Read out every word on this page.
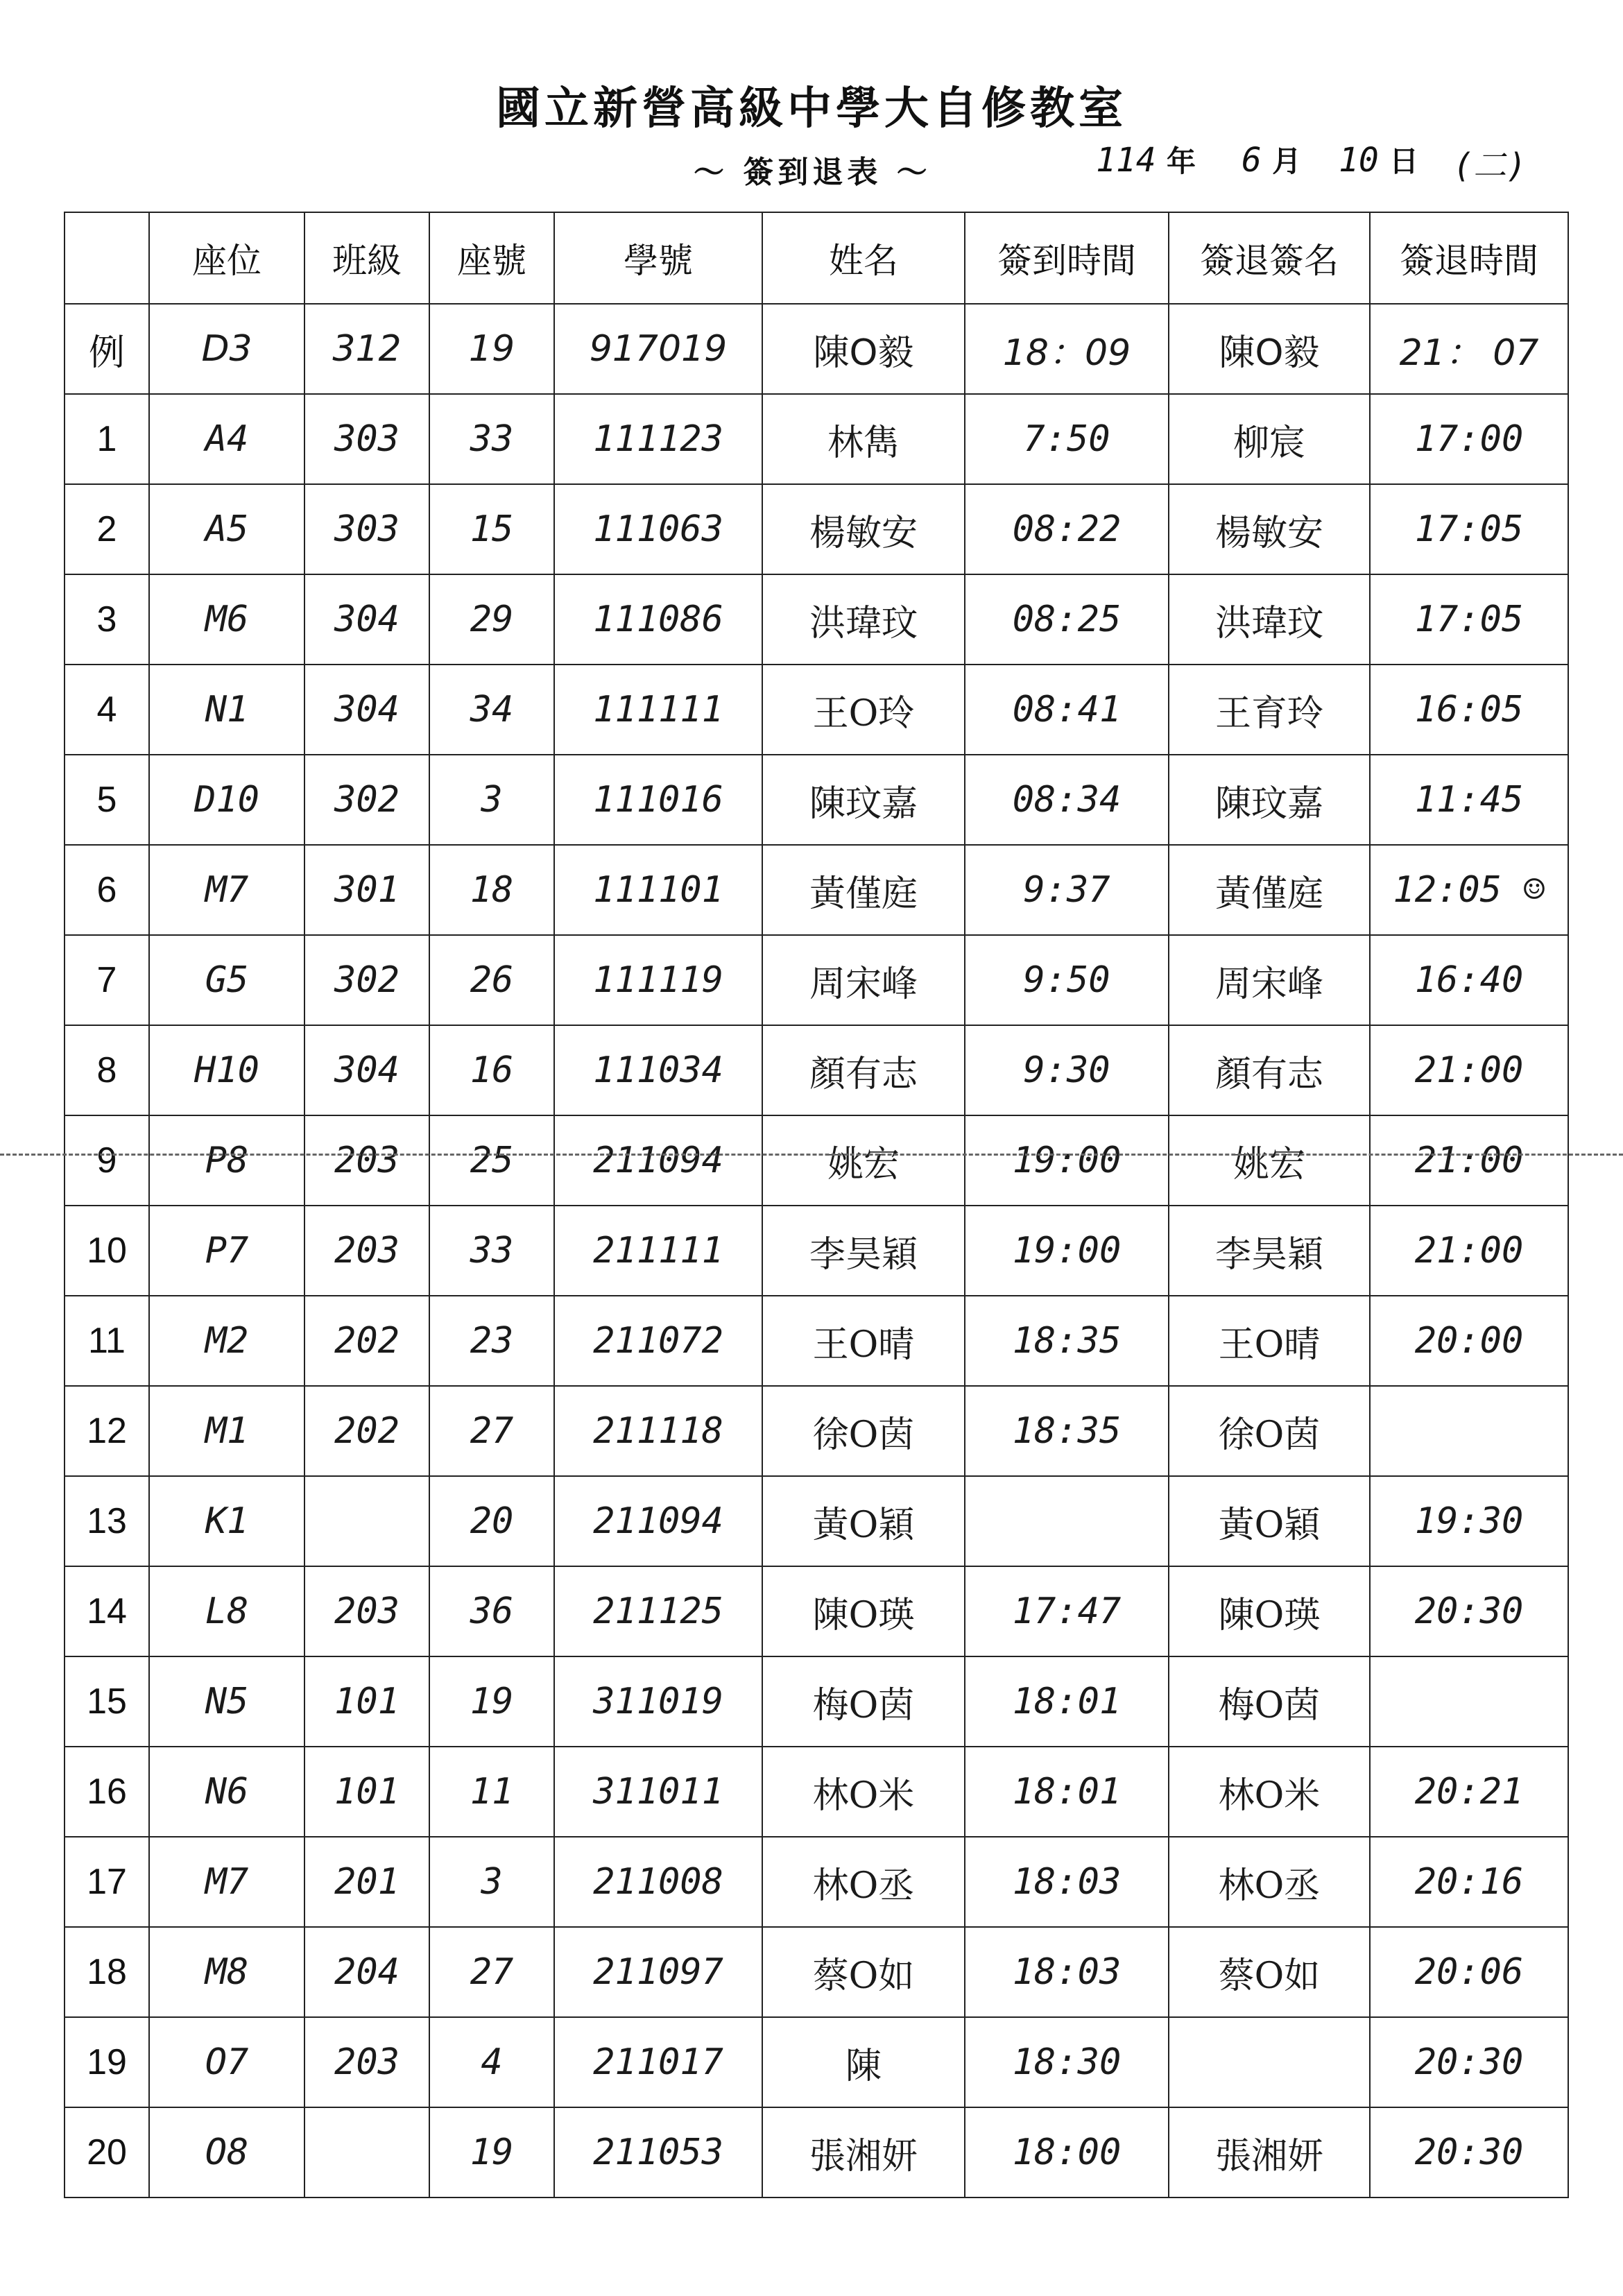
國立新營高級中學大自修教室
～ 簽到退表 ～	114 年 6 月 10 日 (二)
	座位	班級	座號	學號	姓名	簽到時間	簽退簽名	簽退時間
例	D3	312	19	917019	陳O毅	18：09	陳O毅	21： 07
1	A4	303	33	111123	林雋	7:50	柳宸	17:00
2	A5	303	15	111063	楊敏安	08:22	楊敏安	17:05
3	M6	304	29	111086	洪瑋玟	08:25	洪瑋玟	17:05
4	N1	304	34	111111	王O玲	08:41	王育玲	16:05
5	D10	302	3	111016	陳玟嘉	08:34	陳玟嘉	11:45
6	M7	301	18	111101	黃僅庭	9:37	黃僅庭	12:05 ☺
7	G5	302	26	111119	周宋峰	9:50	周宋峰	16:40
8	H10	304	16	111034	顏有志	9:30	顏有志	21:00
9	P8	203	25	211094	姚宏	19:00	姚宏	21:00
10	P7	203	33	211111	李昊穎	19:00	李昊穎	21:00
11	M2	202	23	211072	王O晴	18:35	王O晴	20:00
12	M1	202	27	211118	徐O茵	18:35	徐O茵	
13	K1		20	211094	黃O穎		黃O穎	19:30
14	L8	203	36	211125	陳O瑛	17:47	陳O瑛	20:30
15	N5	101	19	311019	梅O茵	18:01	梅O茵	
16	N6	101	11	311011	林O米	18:01	林O米	20:21
17	M7	201	3	211008	林O丞	18:03	林O丞	20:16
18	M8	204	27	211097	蔡O如	18:03	蔡O如	20:06
19	O7	203	4	211017	陳	18:30		20:30
20	O8		19	211053	張湘妍	18:00	張湘妍	20:30
